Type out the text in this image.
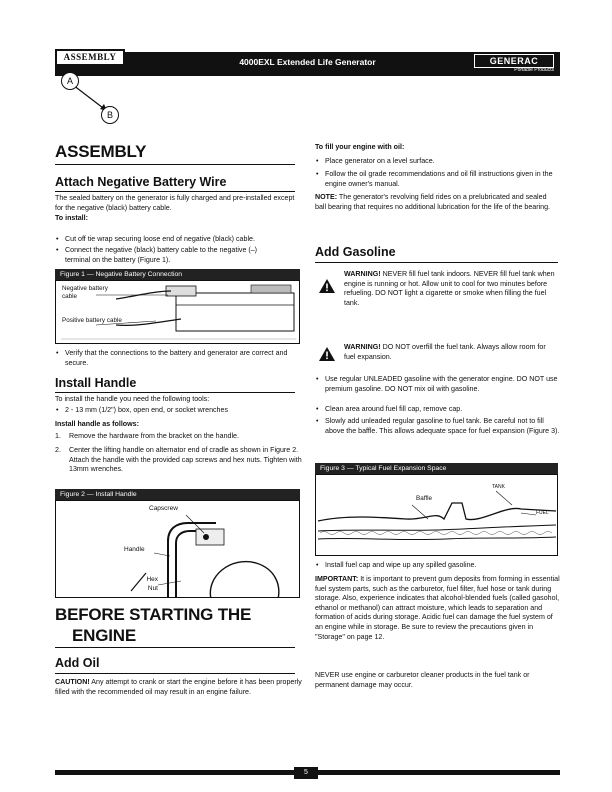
4000EXL Extended Life Generator	GENERAC
Portable Products
ASSEMBLY
A
B
ASSEMBLY
Attach Negative Battery Wire
The sealed battery on the generator is fully charged and pre-installed except for the negative (black) battery cable.
To install:
• Cut off tie wrap securing loose end of negative (black) cable.
• Connect the negative (black) battery cable to the negative (–) terminal on the battery (Figure 1).
Figure 1 — Negative Battery Connection
Negative battery cable
Positive battery cable
• Verify that the connections to the battery and generator are correct and secure.
Install Handle
To install the handle you need the following tools:
• 2 - 13 mm (1/2") box, open end, or socket wrenches
Install handle as follows:
1. Remove the hardware from the bracket on the handle.
2. Center the lifting handle on alternator end of cradle as shown in Figure 2. Attach the handle with the provided cap screws and hex nuts. Tighten with 13mm wrenches.
Figure 2 — Install Handle
Capscrew
Handle
Hex Nut
BEFORE STARTING THE
ENGINE
Add Oil
CAUTION! Any attempt to crank or start the engine before it has been properly filled with the recommended oil may result in an engine failure.
To fill your engine with oil:
• Place generator on a level surface.
• Follow the oil grade recommendations and oil fill instructions given in the engine owner's manual.
NOTE: The generator's revolving field rides on a prelubricated and sealed ball bearing that requires no additional lubrication for the life of the bearing.
Add Gasoline
WARNING! NEVER fill fuel tank indoors. NEVER fill fuel tank when engine is running or hot. Allow unit to cool for two minutes before refueling. DO NOT light a cigarette or smoke when filling the fuel tank.
WARNING! DO NOT overfill the fuel tank. Always allow room for fuel expansion.
• Use regular UNLEADED gasoline with the generator engine. DO NOT use premium gasoline. DO NOT mix oil with gasoline.
• Clean area around fuel fill cap, remove cap.
• Slowly add unleaded regular gasoline to fuel tank. Be careful not to fill above the baffle. This allows adequate space for fuel expansion (Figure 3).
Figure 3 — Typical Fuel Expansion Space
Baffle
TANK
FUEL
• Install fuel cap and wipe up any spilled gasoline.
IMPORTANT: It is important to prevent gum deposits from forming in essential fuel system parts, such as the carburetor, fuel filter, fuel hose or tank during storage. Also, experience indicates that alcohol-blended fuels (called gasohol, ethanol or methanol) can attract moisture, which leads to separation and formation of acids during storage. Acidic fuel can damage the fuel system of an engine while in storage. Be sure to review the precautions given in "Storage" on page 12.
NEVER use engine or carburetor cleaner products in the fuel tank or permanent damage may occur.
5
